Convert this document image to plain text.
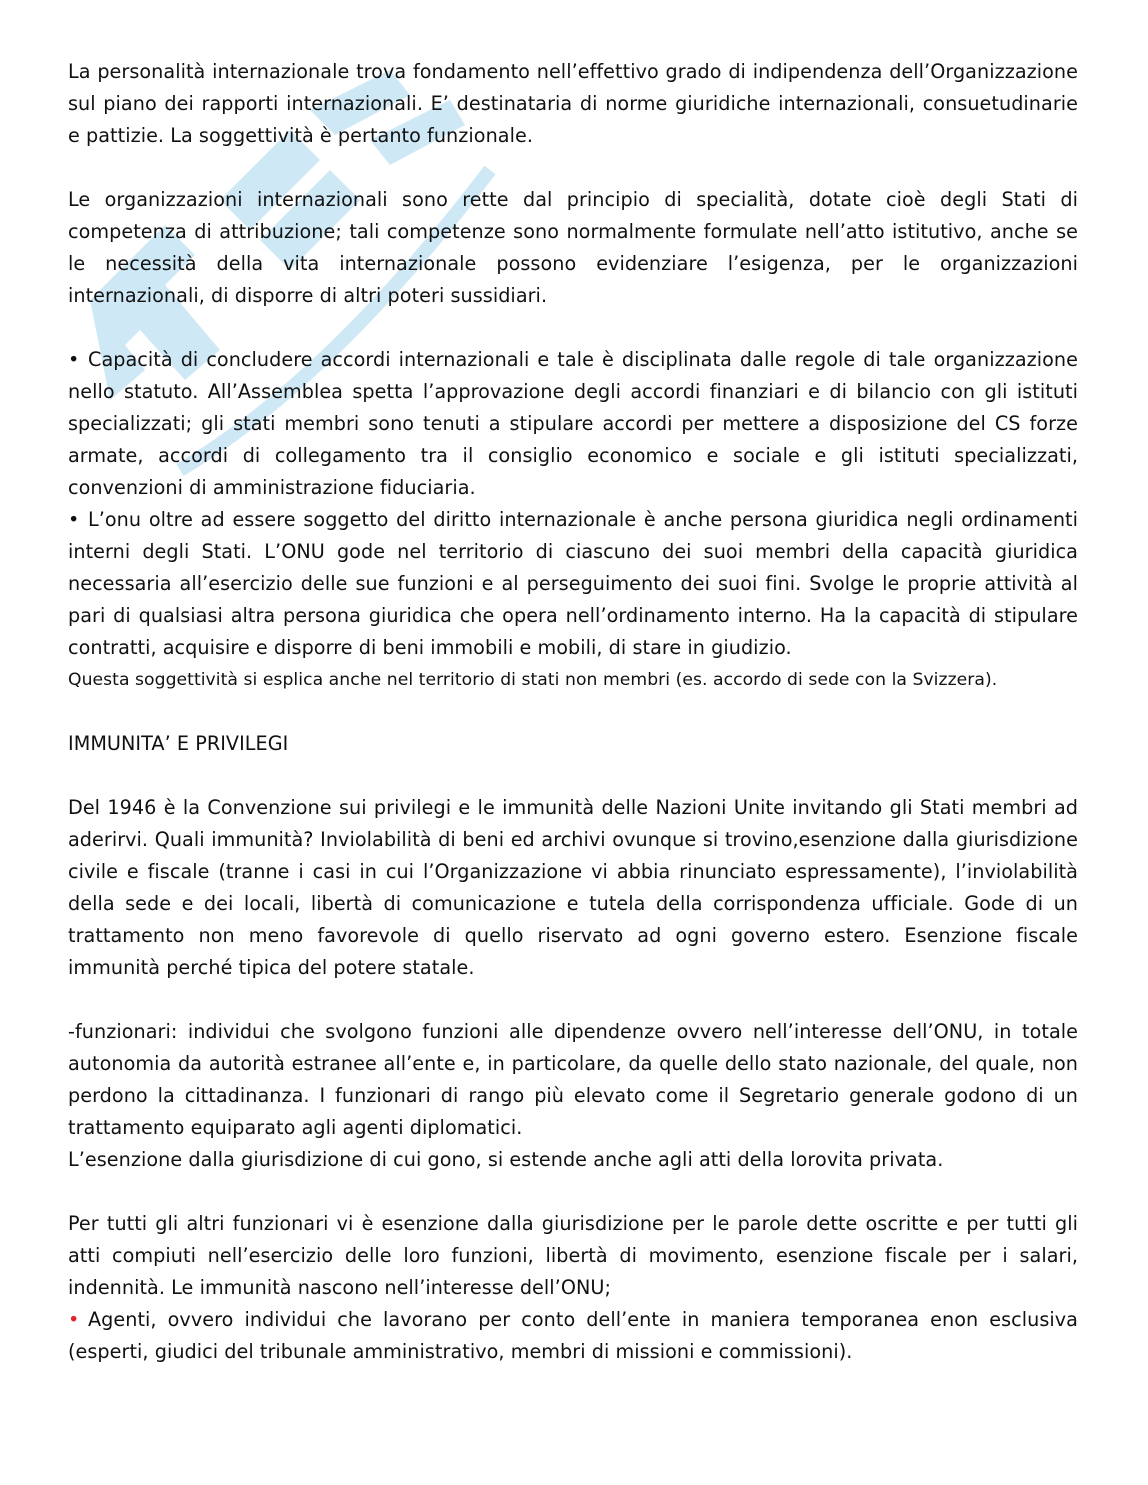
La personalità internazionale trova fondamento nell’effettivo grado di indipendenza dell’Organizzazione sul piano dei rapporti internazionali. E’ destinataria di norme giuridiche internazionali, consuetudinarie e pattizie. La soggettività è pertanto funzionale.

Le organizzazioni internazionali sono rette dal principio di specialità, dotate cioè degli Stati di competenza di attribuzione; tali competenze sono normalmente formulate nell’atto istitutivo, anche se le necessità della vita internazionale possono evidenziare l’esigenza, per le organizzazioni internazionali, di disporre di altri poteri sussidiari.

• Capacità di concludere accordi internazionali e tale è disciplinata dalle regole di tale organizzazione nello statuto. All’Assemblea spetta l’approvazione degli accordi finanziari e di bilancio con gli istituti specializzati; gli stati membri sono tenuti a stipulare accordi per mettere a disposizione del CS forze armate, accordi di collegamento tra il consiglio economico e sociale e gli istituti specializzati, convenzioni di amministrazione fiduciaria.

• L’onu oltre ad essere soggetto del diritto internazionale è anche persona giuridica negli ordinamenti interni degli Stati. L’ONU gode nel territorio di ciascuno dei suoi membri della capacità giuridica necessaria all’esercizio delle sue funzioni e al perseguimento dei suoi fini. Svolge le proprie attività al pari di qualsiasi altra persona giuridica che opera nell’ordinamento interno. Ha la capacità di stipulare contratti, acquisire e disporre di beni immobili e mobili, di stare in giudizio.

Questa soggettività si esplica anche nel territorio di stati non membri (es. accordo di sede con la Svizzera).

IMMUNITA’ E PRIVILEGI

Del 1946 è la Convenzione sui privilegi e le immunità delle Nazioni Unite invitando gli Stati membri ad aderirvi. Quali immunità? Inviolabilità di beni ed archivi ovunque si trovino,esenzione dalla giurisdizione civile e fiscale (tranne i casi in cui l’Organizzazione vi abbia rinunciato espressamente), l’inviolabilità della sede e dei locali, libertà di comunicazione e tutela della corrispondenza ufficiale. Gode di un trattamento non meno favorevole di quello riservato ad ogni governo estero. Esenzione fiscale immunità perché tipica del potere statale.

-funzionari: individui che svolgono funzioni alle dipendenze ovvero nell’interesse dell’ONU, in totale autonomia da autorità estranee all’ente e, in particolare, da quelle dello stato nazionale, del quale, non perdono la cittadinanza. I funzionari di rango più elevato come il Segretario generale godono di un trattamento equiparato agli agenti diplomatici.

L’esenzione dalla giurisdizione di cui gono, si estende anche agli atti della lorovita privata.

Per tutti gli altri funzionari vi è esenzione dalla giurisdizione per le parole dette oscritte e per tutti gli atti compiuti nell’esercizio delle loro funzioni, libertà di movimento, esenzione fiscale per i salari, indennità. Le immunità nascono nell’interesse dell’ONU;

• Agenti, ovvero individui che lavorano per conto dell’ente in maniera temporanea enon esclusiva (esperti, giudici del tribunale amministrativo, membri di missioni e commissioni).
